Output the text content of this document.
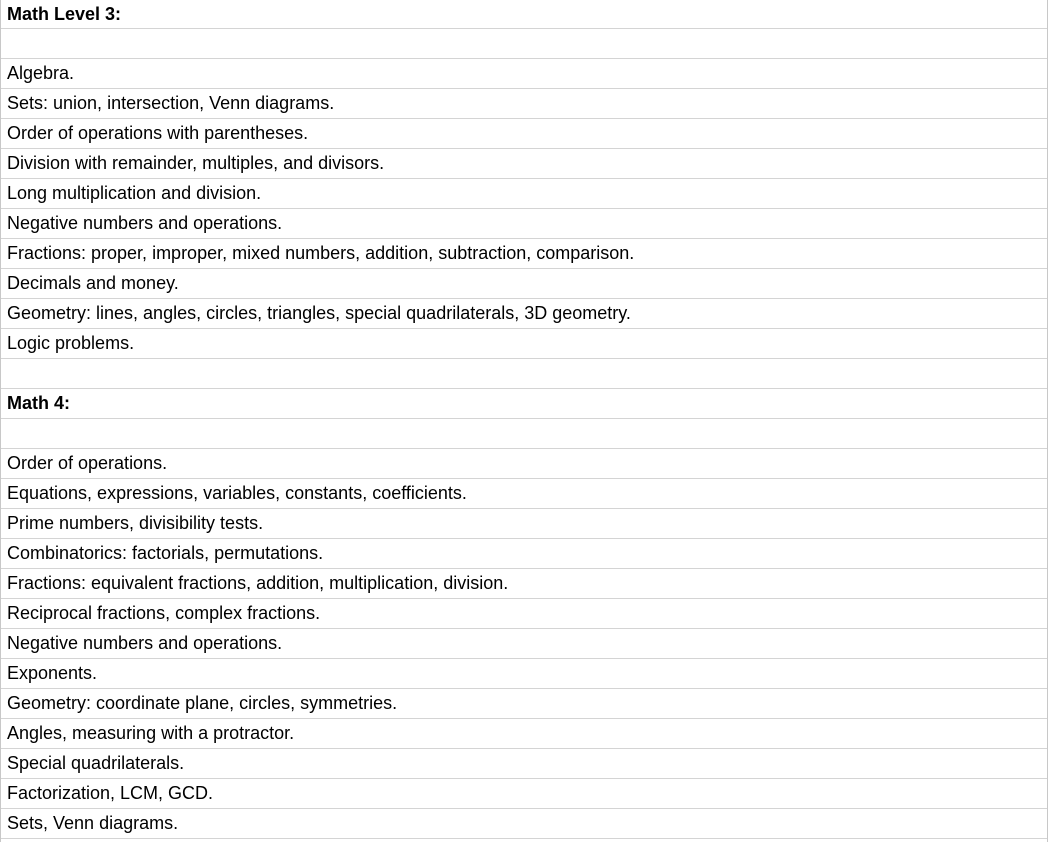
Math Level 3:
Algebra.
Sets: union, intersection, Venn diagrams.
Order of operations with parentheses.
Division with remainder, multiples, and divisors.
Long multiplication and division.
Negative numbers and operations.
Fractions: proper, improper, mixed numbers, addition, subtraction, comparison.
Decimals and money.
Geometry: lines, angles, circles, triangles, special quadrilaterals, 3D geometry.
Logic problems.
Math 4:
Order of operations.
Equations, expressions, variables, constants, coefficients.
Prime numbers, divisibility tests.
Combinatorics: factorials, permutations.
Fractions: equivalent fractions, addition, multiplication, division.
Reciprocal fractions, complex fractions.
Negative numbers and operations.
Exponents.
Geometry: coordinate plane, circles, symmetries.
Angles, measuring with a protractor.
Special quadrilaterals.
Factorization, LCM, GCD.
Sets, Venn diagrams.
